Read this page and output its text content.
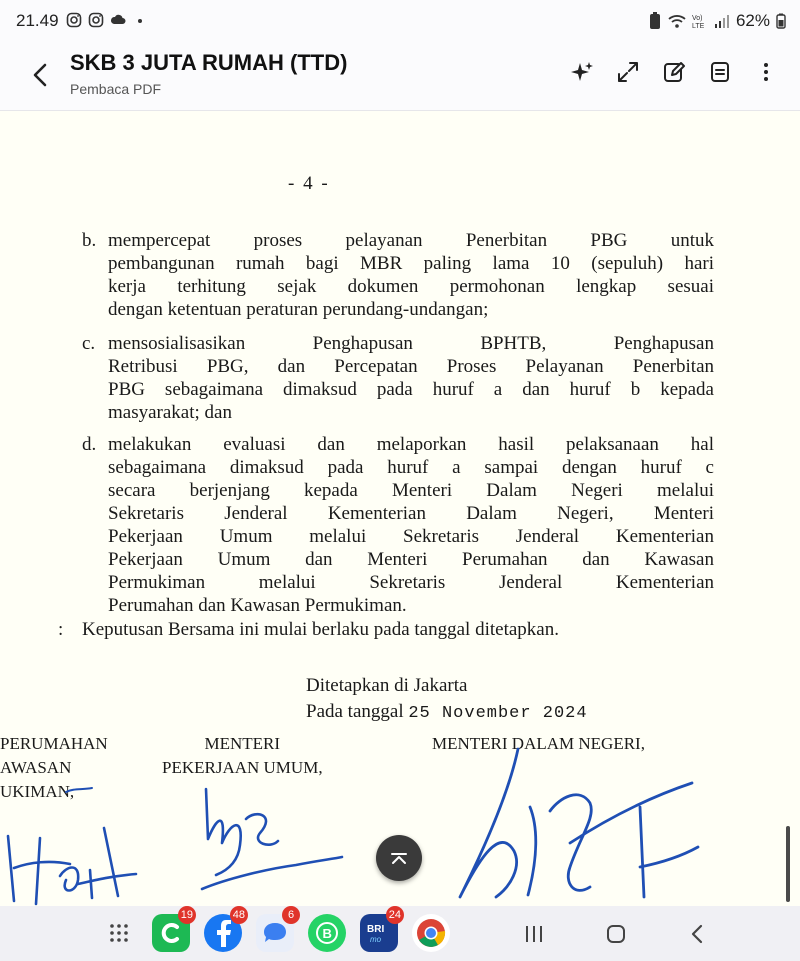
21.49	Vo)
LTE 62%
SKB 3 JUTA RUMAH (TTD)
Pembaca PDF
- 4 -
b. mempercepat proses pelayanan Penerbitan PBG untuk
pembangunan rumah bagi MBR paling lama 10 (sepuluh) hari
kerja terhitung sejak dokumen permohonan lengkap sesuai
dengan ketentuan peraturan perundang-undangan;
c. mensosialisasikan Penghapusan BPHTB, Penghapusan
Retribusi PBG, dan Percepatan Proses Pelayanan Penerbitan
PBG sebagaimana dimaksud pada huruf a dan huruf b kepada
masyarakat; dan
d. melakukan evaluasi dan melaporkan hasil pelaksanaan hal
sebagaimana dimaksud pada huruf a sampai dengan huruf c
secara berjenjang kepada Menteri Dalam Negeri melalui
Sekretaris Jenderal Kementerian Dalam Negeri, Menteri
Pekerjaan Umum melalui Sekretaris Jenderal Kementerian
Pekerjaan Umum dan Menteri Perumahan dan Kawasan
Permukiman melalui Sekretaris Jenderal Kementerian
Perumahan dan Kawasan Permukiman.
: Keputusan Bersama ini mulai berlaku pada tanggal ditetapkan.
Ditetapkan di Jakarta
Pada tanggal 25 November 2024
PERUMAHAN
AWASAN
UKIMAN,
MENTERI
PEKERJAAN UMUM,
MENTERI DALAM NEGERI,
19	48	6
B	BRI
mo
24
